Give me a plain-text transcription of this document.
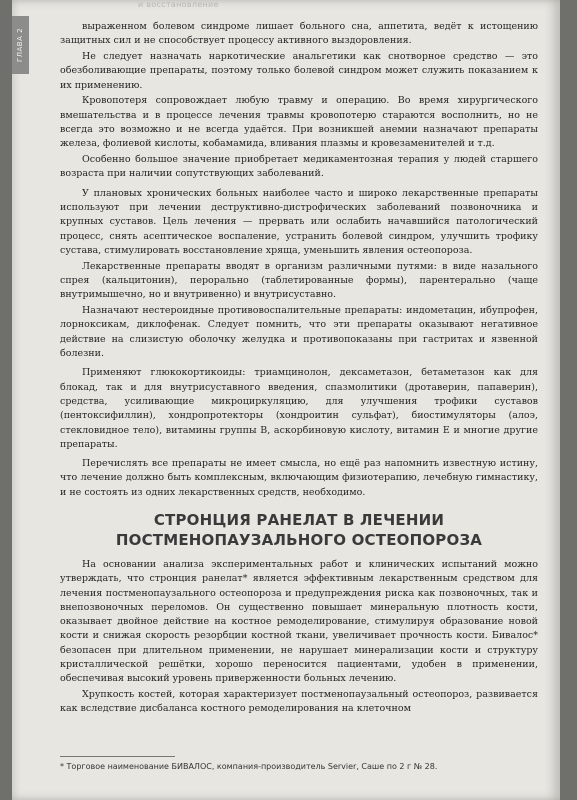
ГЛАВА 2
и восстановление

выраженном болевом синдроме лишает больного сна, аппетита, ведёт к истощению защитных сил и не способствует процессу активного выздоровления.

Не следует назначать наркотические анальгетики как снотворное средство — это обезболивающие препараты, поэтому только болевой синдром может служить показанием к их применению.

Кровопотеря сопровождает любую травму и операцию. Во время хирургического вмешательства и в процессе лечения травмы кровопотерю стараются восполнить, но не всегда это возможно и не всегда удаётся. При возникшей анемии назначают препараты железа, фолиевой кислоты, кобамамида, вливания плазмы и кровезаменителей и т.д.

Особенно большое значение приобретает медикаментозная терапия у людей старшего возраста при наличии сопутствующих заболеваний.

У плановых хронических больных наиболее часто и широко лекарственные препараты используют при лечении деструктивно-дистрофических заболеваний позвоночника и крупных суставов. Цель лечения — прервать или ослабить начавшийся патологический процесс, снять асептическое воспаление, устранить болевой синдром, улучшить трофику сустава, стимулировать восстановление хряща, уменьшить явления остеопороза.

Лекарственные препараты вводят в организм различными путями: в виде назального спрея (кальцитонин), перорально (таблетированные формы), парентерально (чаще внутримышечно, но и внутривенно) и внутрисуставно.

Назначают нестероидные противовоспалительные препараты: индометацин, ибупрофен, лорноксикам, диклофенак. Следует помнить, что эти препараты оказывают негативное действие на слизистую оболочку желудка и противопоказаны при гастритах и язвенной болезни.

Применяют глюкокортикоиды: триамцинолон, дексаметазон, бетаметазон как для блокад, так и для внутрисуставного введения, спазмолитики (дротаверин, папаверин), средства, усиливающие микроциркуляцию, для улучшения трофики суставов (пентоксифиллин), хондропротекторы (хондроитин сульфат), биостимуляторы (алоэ, стекловидное тело), витамины группы В, аскорбиновую кислоту, витамин Е и многие другие препараты.

Перечислять все препараты не имеет смысла, но ещё раз напомнить известную истину, что лечение должно быть комплексным, включающим физиотерапию, лечебную гимнастику, и не состоять из одних лекарственных средств, необходимо.

СТРОНЦИЯ РАНЕЛАТ В ЛЕЧЕНИИ
ПОСТМЕНОПАУЗАЛЬНОГО ОСТЕОПОРОЗА

На основании анализа экспериментальных работ и клинических испытаний можно утверждать, что стронция ранелат* является эффективным лекарственным средством для лечения постменопаузального остеопороза и предупреждения риска как позвоночных, так и внепозвоночных переломов. Он существенно повышает минеральную плотность кости, оказывает двойное действие на костное ремоделирование, стимулируя образование новой кости и снижая скорость резорбции костной ткани, увеличивает прочность кости. Бивалос* безопасен при длительном применении, не нарушает минерализации кости и структуру кристаллической решётки, хорошо переносится пациентами, удобен в применении, обеспечивая высокий уровень приверженности больных лечению.

Хрупкость костей, которая характеризует постменопаузальный остеопороз, развивается как вследствие дисбаланса костного ремоделирования на клеточном

* Торговое наименование БИВАЛОС, компания-производитель Servier, Саше по 2 г № 28.
